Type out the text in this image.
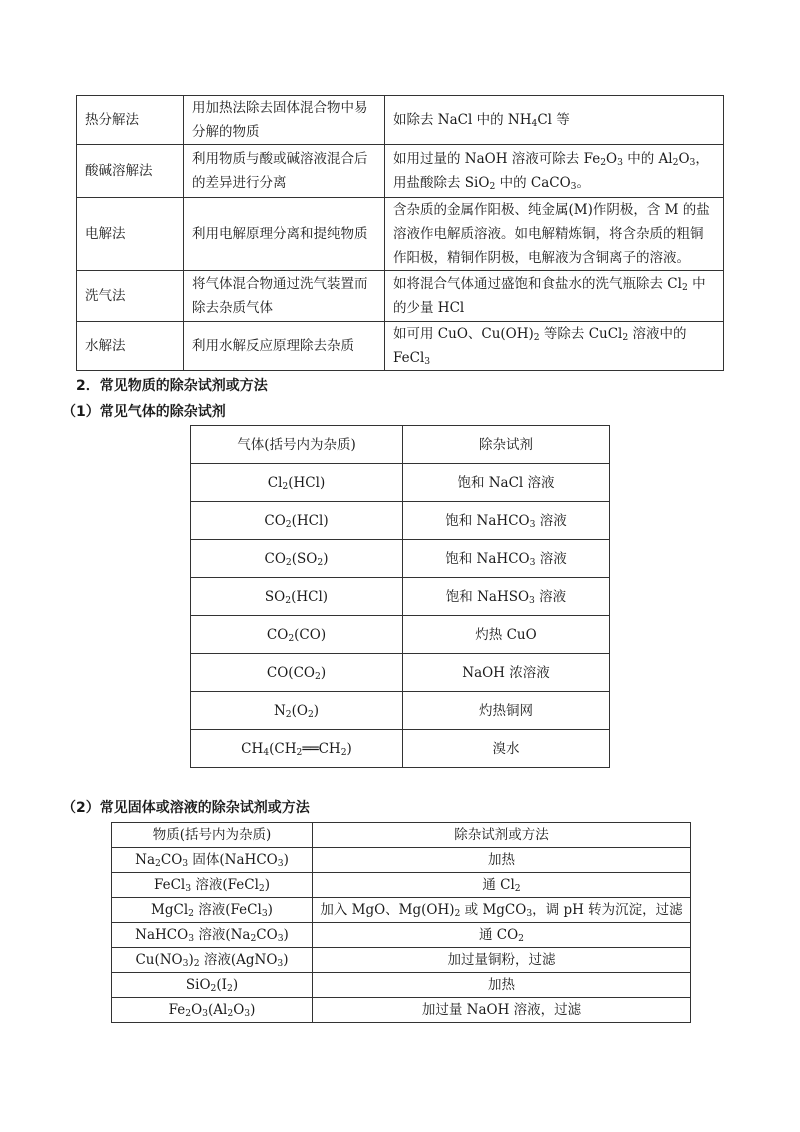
热分解法	用加热法除去固体混合物中易分解的物质	如除去 NaCl 中的 $NH_4Cl$ 等
酸碱溶解法	利用物质与酸或碱溶液混合后的差异进行分离	如用过量的 NaOH 溶液可除去 $Fe_2O_3$ 中的 $Al_2O_3$，用盐酸除去 SiO$_2$ 中的 CaCO$_3$。
电解法	利用电解原理分离和提纯物质	含杂质的金属作阳极、纯金属(M)作阴极，含 M 的盐溶液作电解质溶液。如电解精炼铜，将含杂质的粗铜作阳极，精铜作阴极，电解液为含铜离子的溶液。
洗气法	将气体混合物通过洗气装置而除去杂质气体	如将混合气体通过盛饱和食盐水的洗气瓶除去 $Cl_2$ 中的少量 HCl
水解法	利用水解反应原理除去杂质	如可用 CuO、$Cu(OH)_2$ 等除去 CuCl$_2$ 溶液中的 FeCl$_3$
2．常见物质的除杂试剂或方法
（1）常见气体的除杂试剂
气体(括号内为杂质)	除杂试剂
$Cl_2(HCl)$	饱和 NaCl 溶液
$CO_2(HCl)$	饱和 NaHCO$_3$ 溶液
$CO_2(SO_2)$	饱和 NaHCO$_3$ 溶液
$SO_2(HCl)$	饱和 NaHSO$_3$ 溶液
$CO_2(CO)$	灼热 CuO
$CO(CO_2)$	NaOH 浓溶液
$N_2(O_2)$	灼热铜网
$CH_4(CH_2══CH_2)$	溴水
（2）常见固体或溶液的除杂试剂或方法
物质(括号内为杂质)	除杂试剂或方法
$Na_2CO_3$ 固体(NaHCO$_3$)	加热
FeCl$_3$ 溶液(FeCl$_2$)	通 $Cl_2$
MgCl$_2$ 溶液(FeCl$_3$)	加入 MgO、$Mg(OH)_2$ 或 MgCO$_3$，调 pH 转为沉淀，过滤
NaHCO$_3$ 溶液$(Na_2CO_3)$	通 $CO_2$
$Cu(NO_3)_2$ 溶液(AgNO$_3$)	加过量铜粉，过滤
$SiO_2(I_2)$	加热
$Fe_2O_3(Al_2O_3)$	加过量 NaOH 溶液，过滤
